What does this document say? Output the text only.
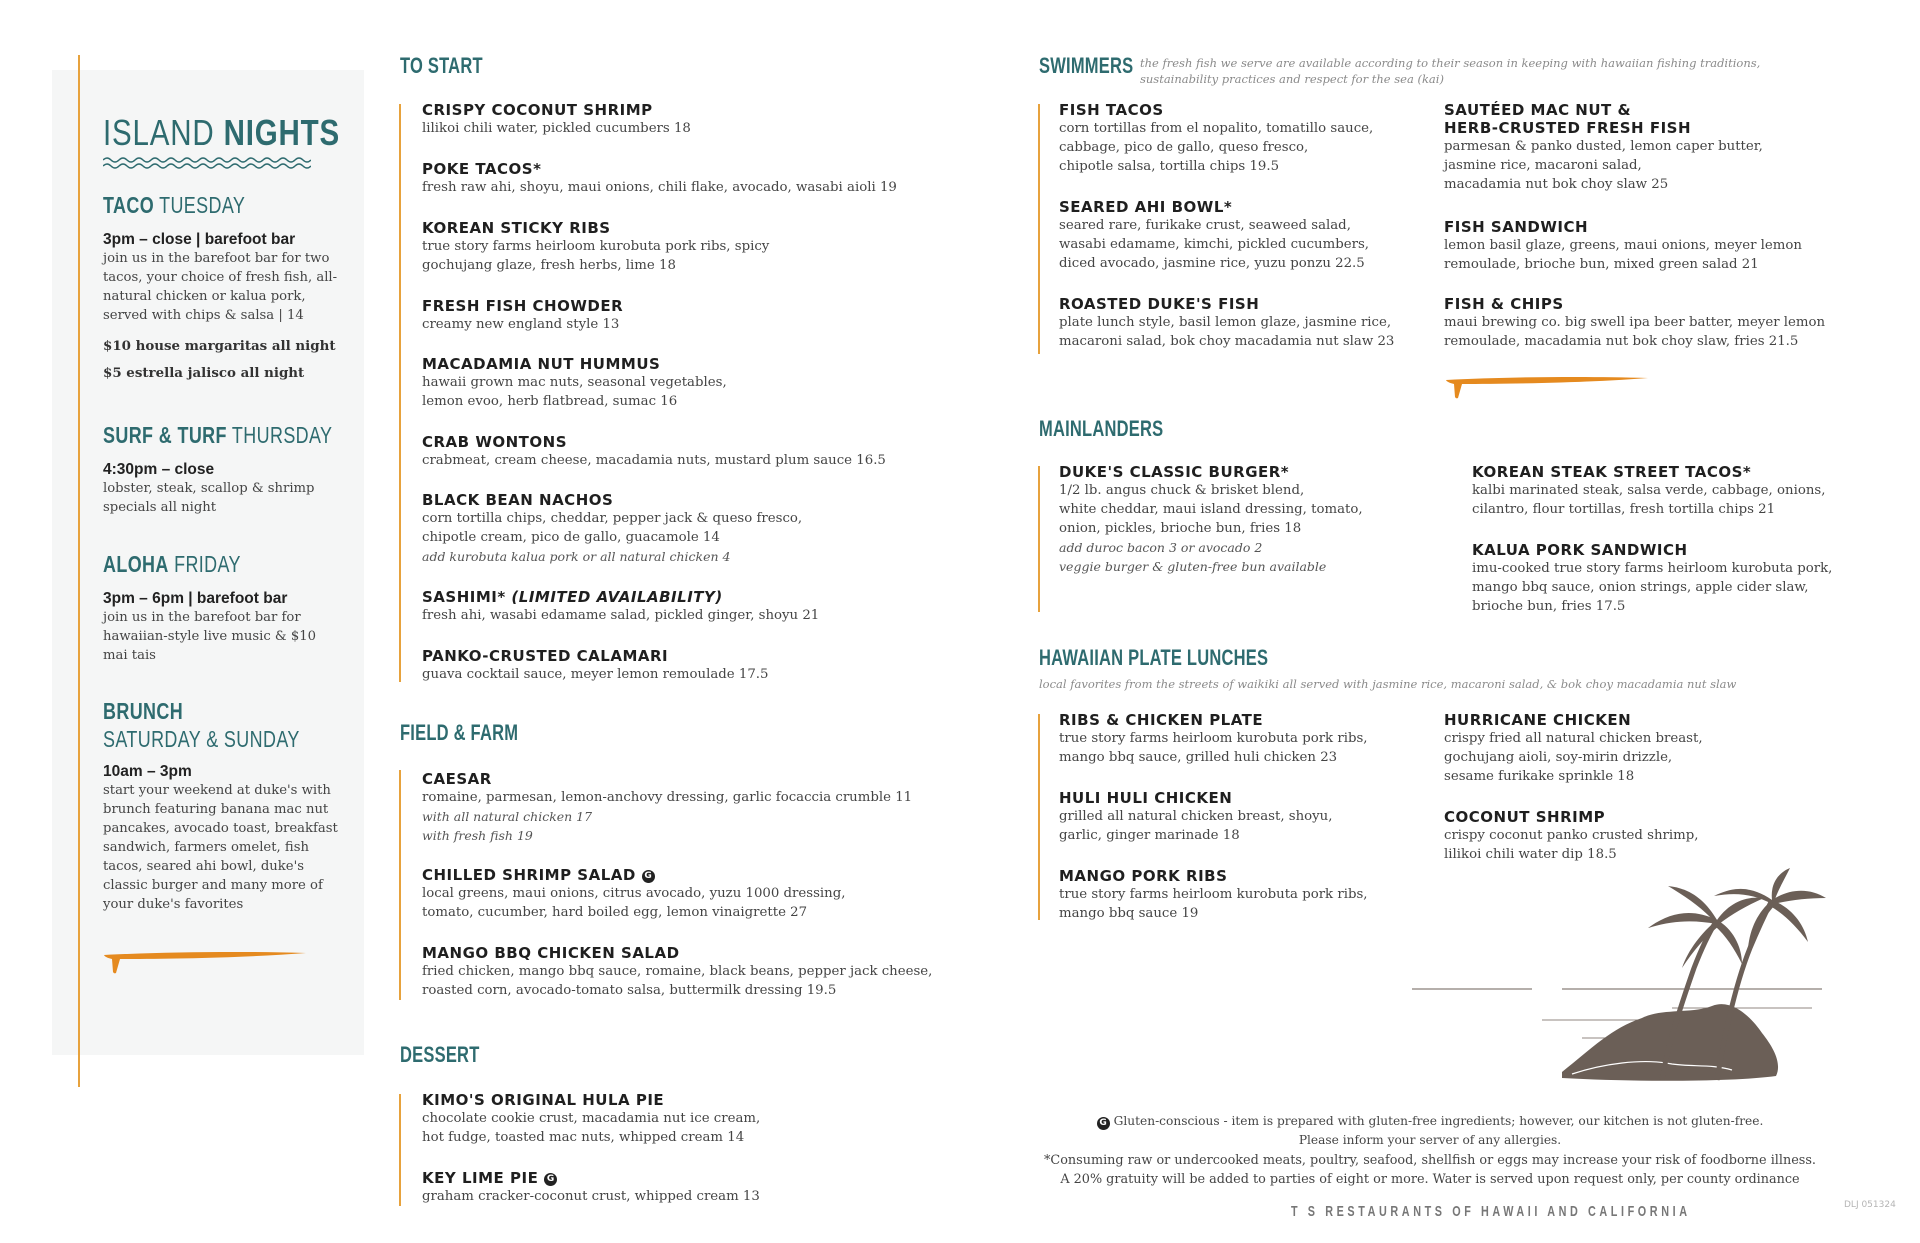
ISLAND NIGHTS
TACO TUESDAY
3pm – close | barefoot bar
join us in the barefoot bar for two tacos, your choice of fresh fish, all-natural chicken or kalua pork, served with chips & salsa | 14
$10 house margaritas all night
$5 estrella jalisco all night
SURF & TURF THURSDAY
4:30pm – close
lobster, steak, scallop & shrimp specials all night
ALOHA FRIDAY
3pm – 6pm | barefoot bar
join us in the barefoot bar for hawaiian-style live music & $10 mai tais
BRUNCH
SATURDAY & SUNDAY
10am – 3pm
start your weekend at duke's with brunch featuring banana mac nut pancakes, avocado toast, breakfast sandwich, farmers omelet, fish tacos, seared ahi bowl, duke's classic burger and many more of your duke's favorites
TO START
CRISPY COCONUT SHRIMP
lilikoi chili water, pickled cucumbers 18
POKE TACOS*
fresh raw ahi, shoyu, maui onions, chili flake, avocado, wasabi aioli 19
KOREAN STICKY RIBS
true story farms heirloom kurobuta pork ribs, spicy
gochujang glaze, fresh herbs, lime 18
FRESH FISH CHOWDER
creamy new england style 13
MACADAMIA NUT HUMMUS
hawaii grown mac nuts, seasonal vegetables,
lemon evoo, herb flatbread, sumac 16
CRAB WONTONS
crabmeat, cream cheese, macadamia nuts, mustard plum sauce 16.5
BLACK BEAN NACHOS
corn tortilla chips, cheddar, pepper jack & queso fresco,
chipotle cream, pico de gallo, guacamole 14
add kurobuta kalua pork or all natural chicken 4
SASHIMI* (LIMITED AVAILABILITY)
fresh ahi, wasabi edamame salad, pickled ginger, shoyu 21
PANKO-CRUSTED CALAMARI
guava cocktail sauce, meyer lemon remoulade 17.5
FIELD & FARM
CAESAR
romaine, parmesan, lemon-anchovy dressing, garlic focaccia crumble 11
with all natural chicken 17
with fresh fish 19
CHILLED SHRIMP SALAD G
local greens, maui onions, citrus avocado, yuzu 1000 dressing,
tomato, cucumber, hard boiled egg, lemon vinaigrette 27
MANGO BBQ CHICKEN SALAD
fried chicken, mango bbq sauce, romaine, black beans, pepper jack cheese,
roasted corn, avocado-tomato salsa, buttermilk dressing 19.5
DESSERT
KIMO'S ORIGINAL HULA PIE
chocolate cookie crust, macadamia nut ice cream,
hot fudge, toasted mac nuts, whipped cream 14
KEY LIME PIE G
graham cracker-coconut crust, whipped cream 13
SWIMMERS the fresh fish we serve are available according to their season in keeping with hawaiian fishing traditions,
sustainability practices and respect for the sea (kai)
FISH TACOS
corn tortillas from el nopalito, tomatillo sauce,
cabbage, pico de gallo, queso fresco,
chipotle salsa, tortilla chips 19.5
SEARED AHI BOWL*
seared rare, furikake crust, seaweed salad,
wasabi edamame, kimchi, pickled cucumbers,
diced avocado, jasmine rice, yuzu ponzu 22.5
ROASTED DUKE'S FISH
plate lunch style, basil lemon glaze, jasmine rice,
macaroni salad, bok choy macadamia nut slaw 23
SAUTÉED MAC NUT &
HERB-CRUSTED FRESH FISH
parmesan & panko dusted, lemon caper butter,
jasmine rice, macaroni salad,
macadamia nut bok choy slaw 25
FISH SANDWICH
lemon basil glaze, greens, maui onions, meyer lemon
remoulade, brioche bun, mixed green salad 21
FISH & CHIPS
maui brewing co. big swell ipa beer batter, meyer lemon
remoulade, macadamia nut bok choy slaw, fries 21.5
MAINLANDERS
DUKE'S CLASSIC BURGER*
1/2 lb. angus chuck & brisket blend,
white cheddar, maui island dressing, tomato,
onion, pickles, brioche bun, fries 18
add duroc bacon 3 or avocado 2
veggie burger & gluten-free bun available
KOREAN STEAK STREET TACOS*
kalbi marinated steak, salsa verde, cabbage, onions,
cilantro, flour tortillas, fresh tortilla chips 21
KALUA PORK SANDWICH
imu-cooked true story farms heirloom kurobuta pork,
mango bbq sauce, onion strings, apple cider slaw,
brioche bun, fries 17.5
HAWAIIAN PLATE LUNCHES
local favorites from the streets of waikiki all served with jasmine rice, macaroni salad, & bok choy macadamia nut slaw
RIBS & CHICKEN PLATE
true story farms heirloom kurobuta pork ribs,
mango bbq sauce, grilled huli chicken 23
HULI HULI CHICKEN
grilled all natural chicken breast, shoyu,
garlic, ginger marinade 18
MANGO PORK RIBS
true story farms heirloom kurobuta pork ribs,
mango bbq sauce 19
HURRICANE CHICKEN
crispy fried all natural chicken breast,
gochujang aioli, soy-mirin drizzle,
sesame furikake sprinkle 18
COCONUT SHRIMP
crispy coconut panko crusted shrimp,
lilikoi chili water dip 18.5
G Gluten-conscious - item is prepared with gluten-free ingredients; however, our kitchen is not gluten-free.
Please inform your server of any allergies.
*Consuming raw or undercooked meats, poultry, seafood, shellfish or eggs may increase your risk of foodborne illness.
A 20% gratuity will be added to parties of eight or more. Water is served upon request only, per county ordinance
DLJ 051324
T S RESTAURANTS OF HAWAII AND CALIFORNIA
